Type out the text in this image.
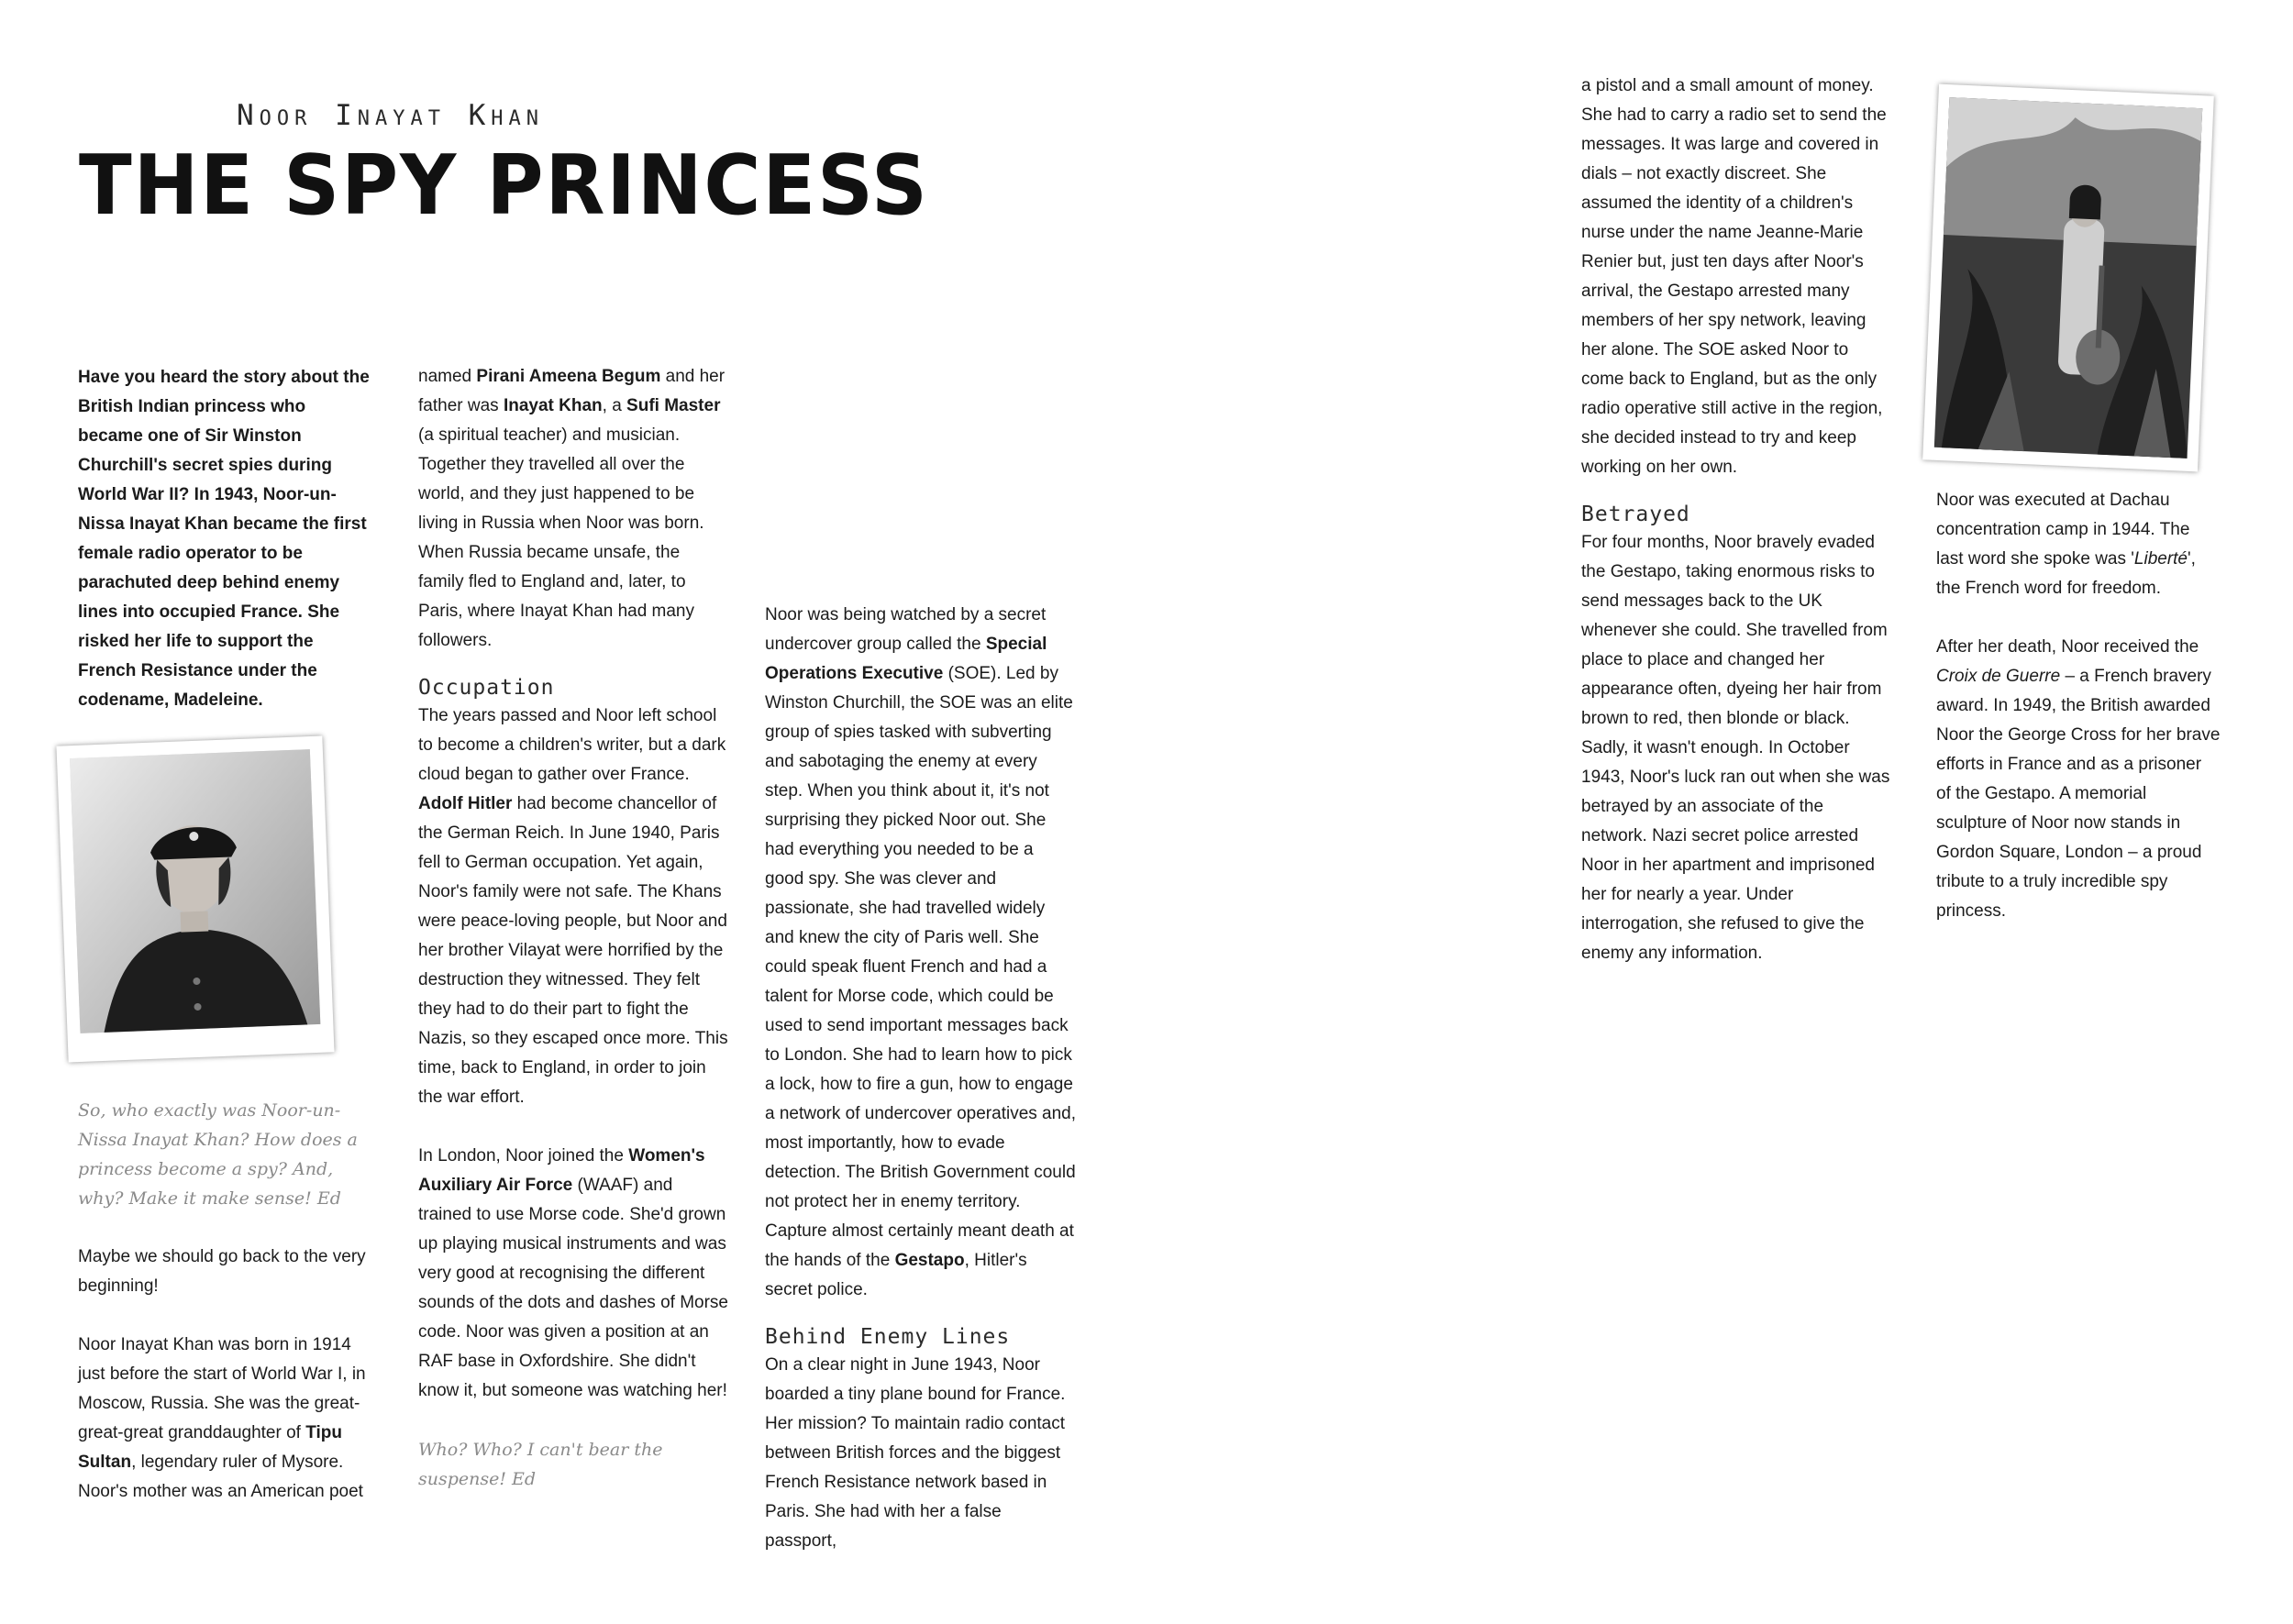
Noor Inayat Khan
THE SPY PRINCESS

Have you heard the story about the British Indian princess who became one of Sir Winston Churchill's secret spies during World War II? In 1943, Noor-un-Nissa Inayat Khan became the first female radio operator to be parachuted deep behind enemy lines into occupied France. She risked her life to support the French Resistance under the codename, Madeleine.

So, who exactly was Noor-un-Nissa Inayat Khan? How does a princess become a spy? And, why? Make it make sense! Ed

Maybe we should go back to the very beginning!

Noor Inayat Khan was born in 1914 just before the start of World War I, in Moscow, Russia. She was the great-great-great granddaughter of Tipu Sultan, legendary ruler of Mysore. Noor's mother was an American poet

named Pirani Ameena Begum and her father was Inayat Khan, a Sufi Master (a spiritual teacher) and musician. Together they travelled all over the world, and they just happened to be living in Russia when Noor was born. When Russia became unsafe, the family fled to England and, later, to Paris, where Inayat Khan had many followers.

Occupation

The years passed and Noor left school to become a children's writer, but a dark cloud began to gather over France. Adolf Hitler had become chancellor of the German Reich. In June 1940, Paris fell to German occupation. Yet again, Noor's family were not safe. The Khans were peace-loving people, but Noor and her brother Vilayat were horrified by the destruction they witnessed. They felt they had to do their part to fight the Nazis, so they escaped once more. This time, back to England, in order to join the war effort.

In London, Noor joined the Women's Auxiliary Air Force (WAAF) and trained to use Morse code. She'd grown up playing musical instruments and was very good at recognising the different sounds of the dots and dashes of Morse code. Noor was given a position at an RAF base in Oxfordshire. She didn't know it, but someone was watching her!

Who? Who? I can't bear the suspense! Ed

Noor was being watched by a secret undercover group called the Special Operations Executive (SOE). Led by Winston Churchill, the SOE was an elite group of spies tasked with subverting and sabotaging the enemy at every step. When you think about it, it's not surprising they picked Noor out. She had everything you needed to be a good spy. She was clever and passionate, she had travelled widely and knew the city of Paris well. She could speak fluent French and had a talent for Morse code, which could be used to send important messages back to London. She had to learn how to pick a lock, how to fire a gun, how to engage a network of undercover operatives and, most importantly, how to evade detection. The British Government could not protect her in enemy territory. Capture almost certainly meant death at the hands of the Gestapo, Hitler's secret police.

Behind Enemy Lines

On a clear night in June 1943, Noor boarded a tiny plane bound for France. Her mission? To maintain radio contact between British forces and the biggest French Resistance network based in Paris. She had with her a false passport,

a pistol and a small amount of money. She had to carry a radio set to send the messages. It was large and covered in dials – not exactly discreet. She assumed the identity of a children's nurse under the name Jeanne-Marie Renier but, just ten days after Noor's arrival, the Gestapo arrested many members of her spy network, leaving her alone. The SOE asked Noor to come back to England, but as the only radio operative still active in the region, she decided instead to try and keep working on her own.

Betrayed

For four months, Noor bravely evaded the Gestapo, taking enormous risks to send messages back to the UK whenever she could. She travelled from place to place and changed her appearance often, dyeing her hair from brown to red, then blonde or black. Sadly, it wasn't enough. In October 1943, Noor's luck ran out when she was betrayed by an associate of the network. Nazi secret police arrested Noor in her apartment and imprisoned her for nearly a year. Under interrogation, she refused to give the enemy any information.

Noor was executed at Dachau concentration camp in 1944. The last word she spoke was 'Liberté', the French word for freedom.

After her death, Noor received the Croix de Guerre – a French bravery award. In 1949, the British awarded Noor the George Cross for her brave efforts in France and as a prisoner of the Gestapo. A memorial sculpture of Noor now stands in Gordon Square, London – a proud tribute to a truly incredible spy princess.
